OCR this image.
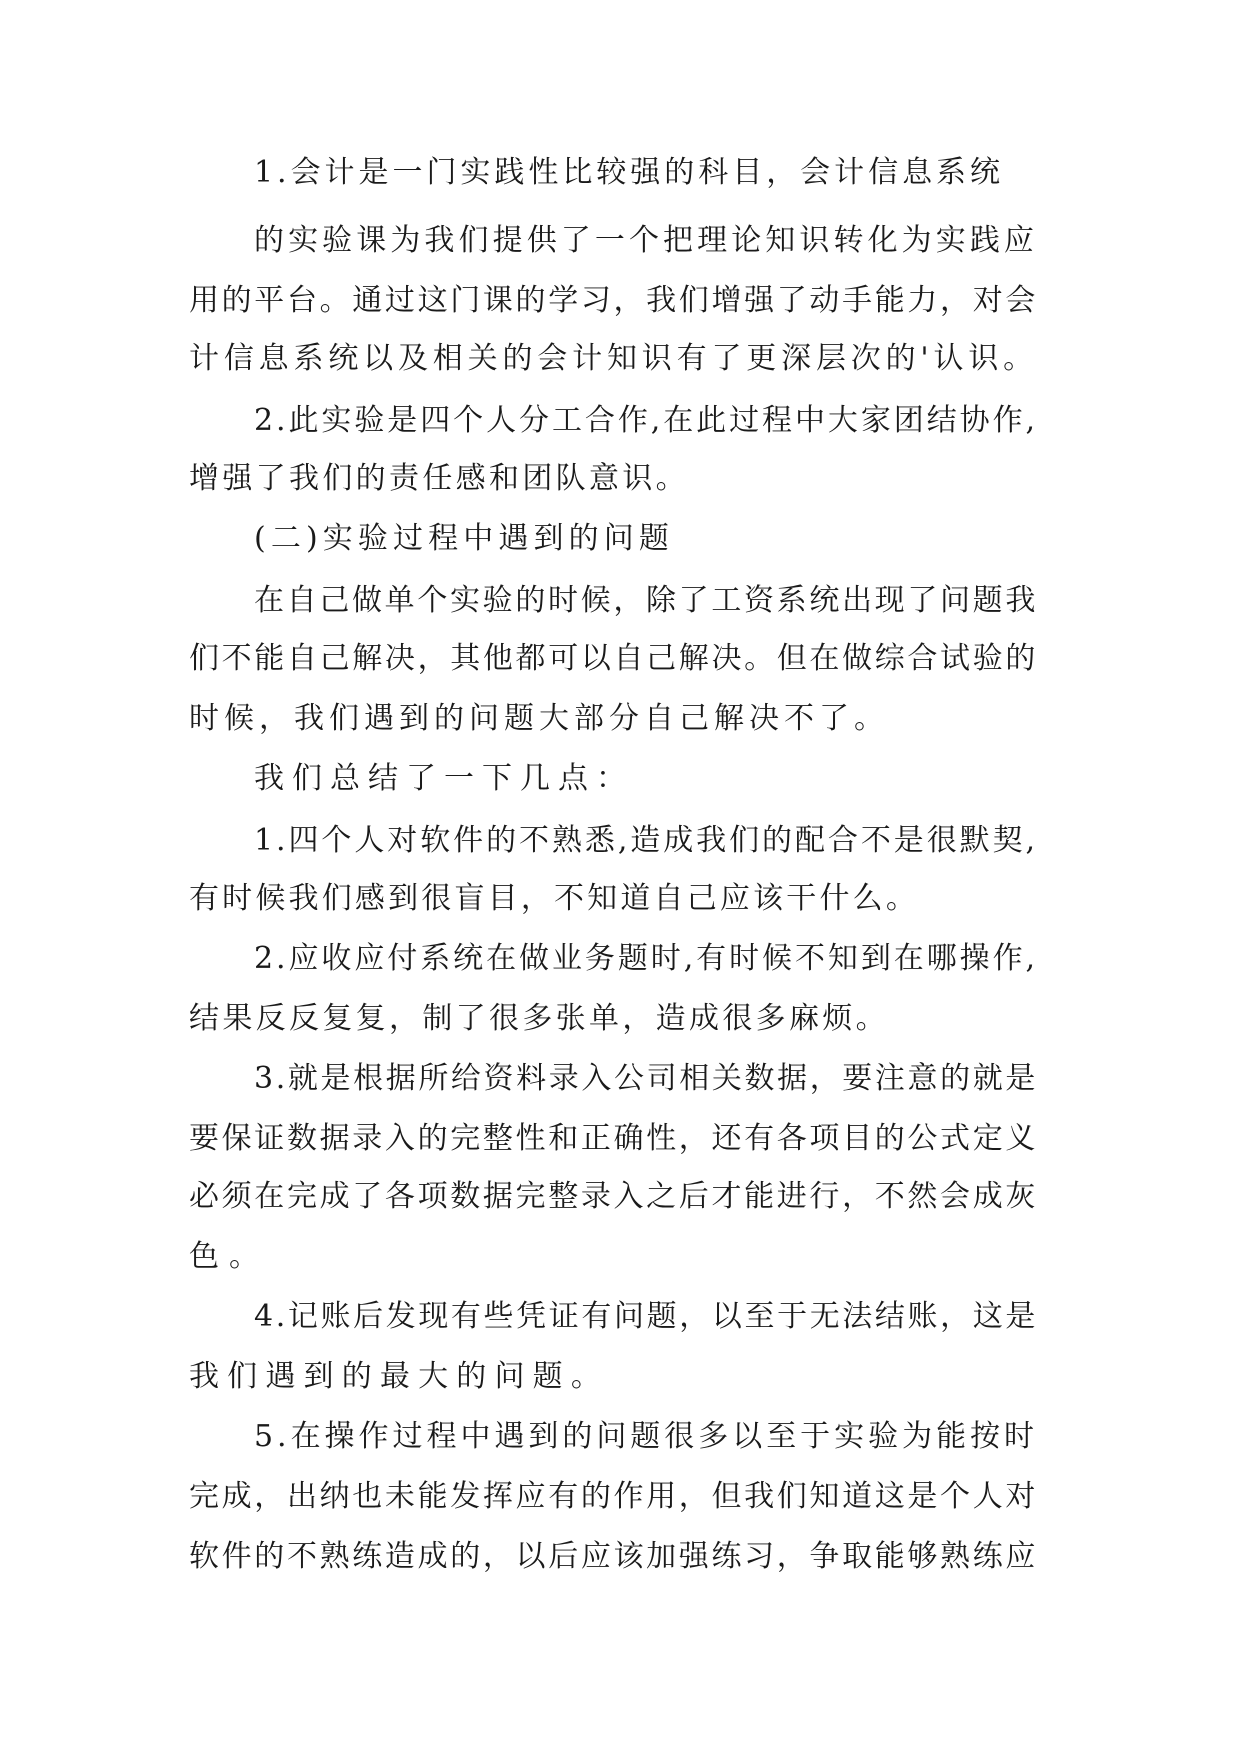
1.会计是一门实践性比较强的科目，会计信息系统
的实验课为我们提供了一个把理论知识转化为实践应
用的平台。通过这门课的学习，我们增强了动手能力，对会
计信息系统以及相关的会计知识有了更深层次的'认识。
2.此实验是四个人分工合作,在此过程中大家团结协作,
增强了我们的责任感和团队意识。
(二)实验过程中遇到的问题
在自己做单个实验的时候，除了工资系统出现了问题我
们不能自己解决，其他都可以自己解决。但在做综合试验的
时候，我们遇到的问题大部分自己解决不了。
我们总结了一下几点：
1.四个人对软件的不熟悉,造成我们的配合不是很默契,
有时候我们感到很盲目，不知道自己应该干什么。
2.应收应付系统在做业务题时,有时候不知到在哪操作,
结果反反复复，制了很多张单，造成很多麻烦。
3.就是根据所给资料录入公司相关数据，要注意的就是
要保证数据录入的完整性和正确性，还有各项目的公式定义
必须在完成了各项数据完整录入之后才能进行，不然会成灰
色。
4.记账后发现有些凭证有问题，以至于无法结账，这是
我们遇到的最大的问题。
5.在操作过程中遇到的问题很多以至于实验为能按时
完成，出纳也未能发挥应有的作用，但我们知道这是个人对
软件的不熟练造成的，以后应该加强练习，争取能够熟练应
